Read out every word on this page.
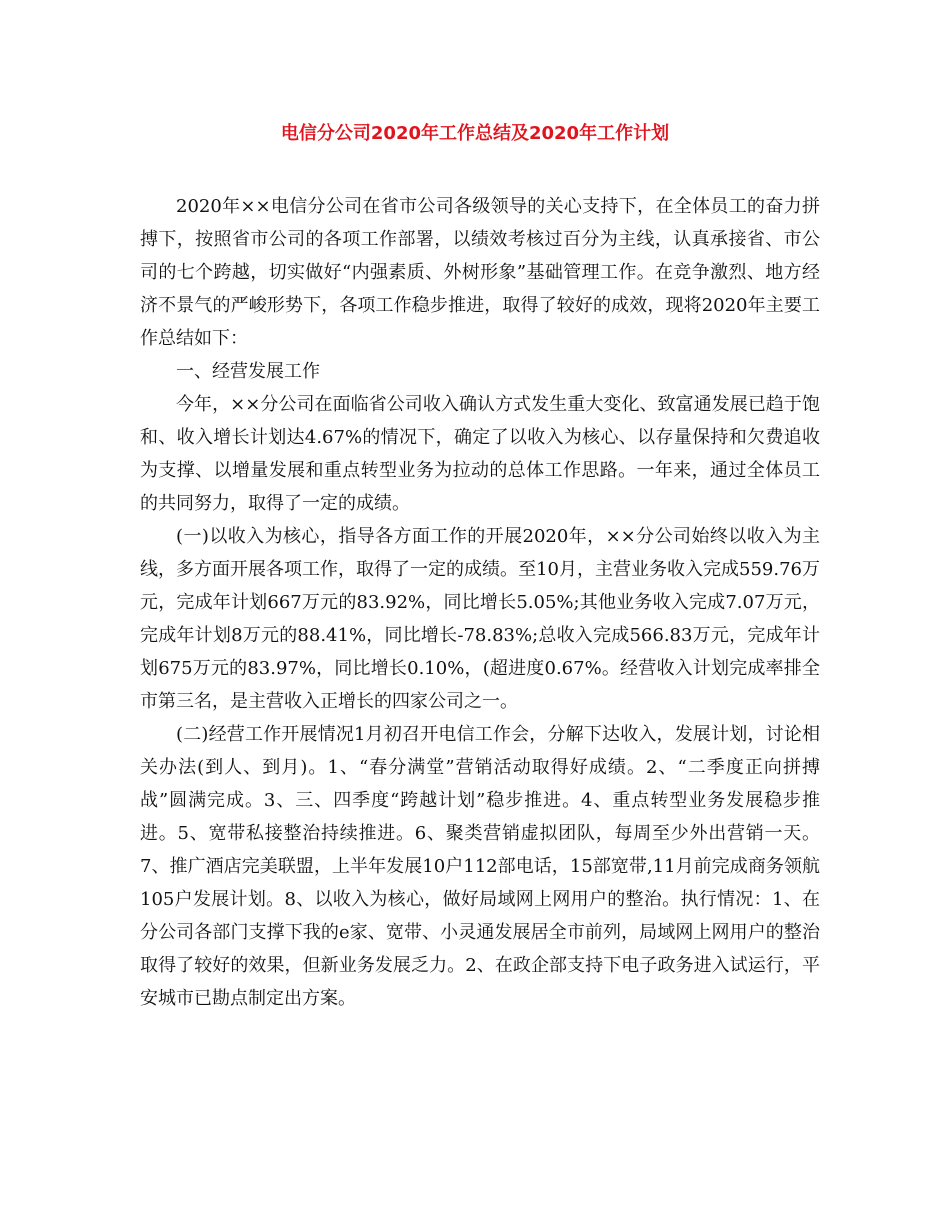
电信分公司2020年工作总结及2020年工作计划

2020年××电信分公司在省市公司各级领导的关心支持下，在全体员工的奋力拼搏下，按照省市公司的各项工作部署，以绩效考核过百分为主线，认真承接省、市公司的七个跨越，切实做好“内强素质、外树形象”基础管理工作。在竞争激烈、地方经济不景气的严峻形势下，各项工作稳步推进，取得了较好的成效，现将2020年主要工作总结如下：

一、经营发展工作

今年，××分公司在面临省公司收入确认方式发生重大变化、致富通发展已趋于饱和、收入增长计划达4.67%的情况下，确定了以收入为核心、以存量保持和欠费追收为支撑、以增量发展和重点转型业务为拉动的总体工作思路。一年来，通过全体员工的共同努力，取得了一定的成绩。

(一)以收入为核心，指导各方面工作的开展2020年，××分公司始终以收入为主线，多方面开展各项工作，取得了一定的成绩。至10月，主营业务收入完成559.76万元，完成年计划667万元的83.92%，同比增长5.05%;其他业务收入完成7.07万元，完成年计划8万元的88.41%，同比增长-78.83%;总收入完成566.83万元，完成年计划675万元的83.97%，同比增长0.10%，(超进度0.67%。经营收入计划完成率排全市第三名，是主营收入正增长的四家公司之一。

(二)经营工作开展情况1月初召开电信工作会，分解下达收入，发展计划，讨论相关办法(到人、到月)。1、“春分满堂”营销活动取得好成绩。2、“二季度正向拼搏战”圆满完成。3、三、四季度“跨越计划”稳步推进。4、重点转型业务发展稳步推进。5、宽带私接整治持续推进。6、聚类营销虚拟团队，每周至少外出营销一天。7、推广酒店完美联盟，上半年发展10户112部电话，15部宽带,11月前完成商务领航105户发展计划。8、以收入为核心，做好局域网上网用户的整治。执行情况：1、在分公司各部门支撑下我的e家、宽带、小灵通发展居全市前列，局域网上网用户的整治取得了较好的效果，但新业务发展乏力。2、在政企部支持下电子政务进入试运行，平安城市已勘点制定出方案。
